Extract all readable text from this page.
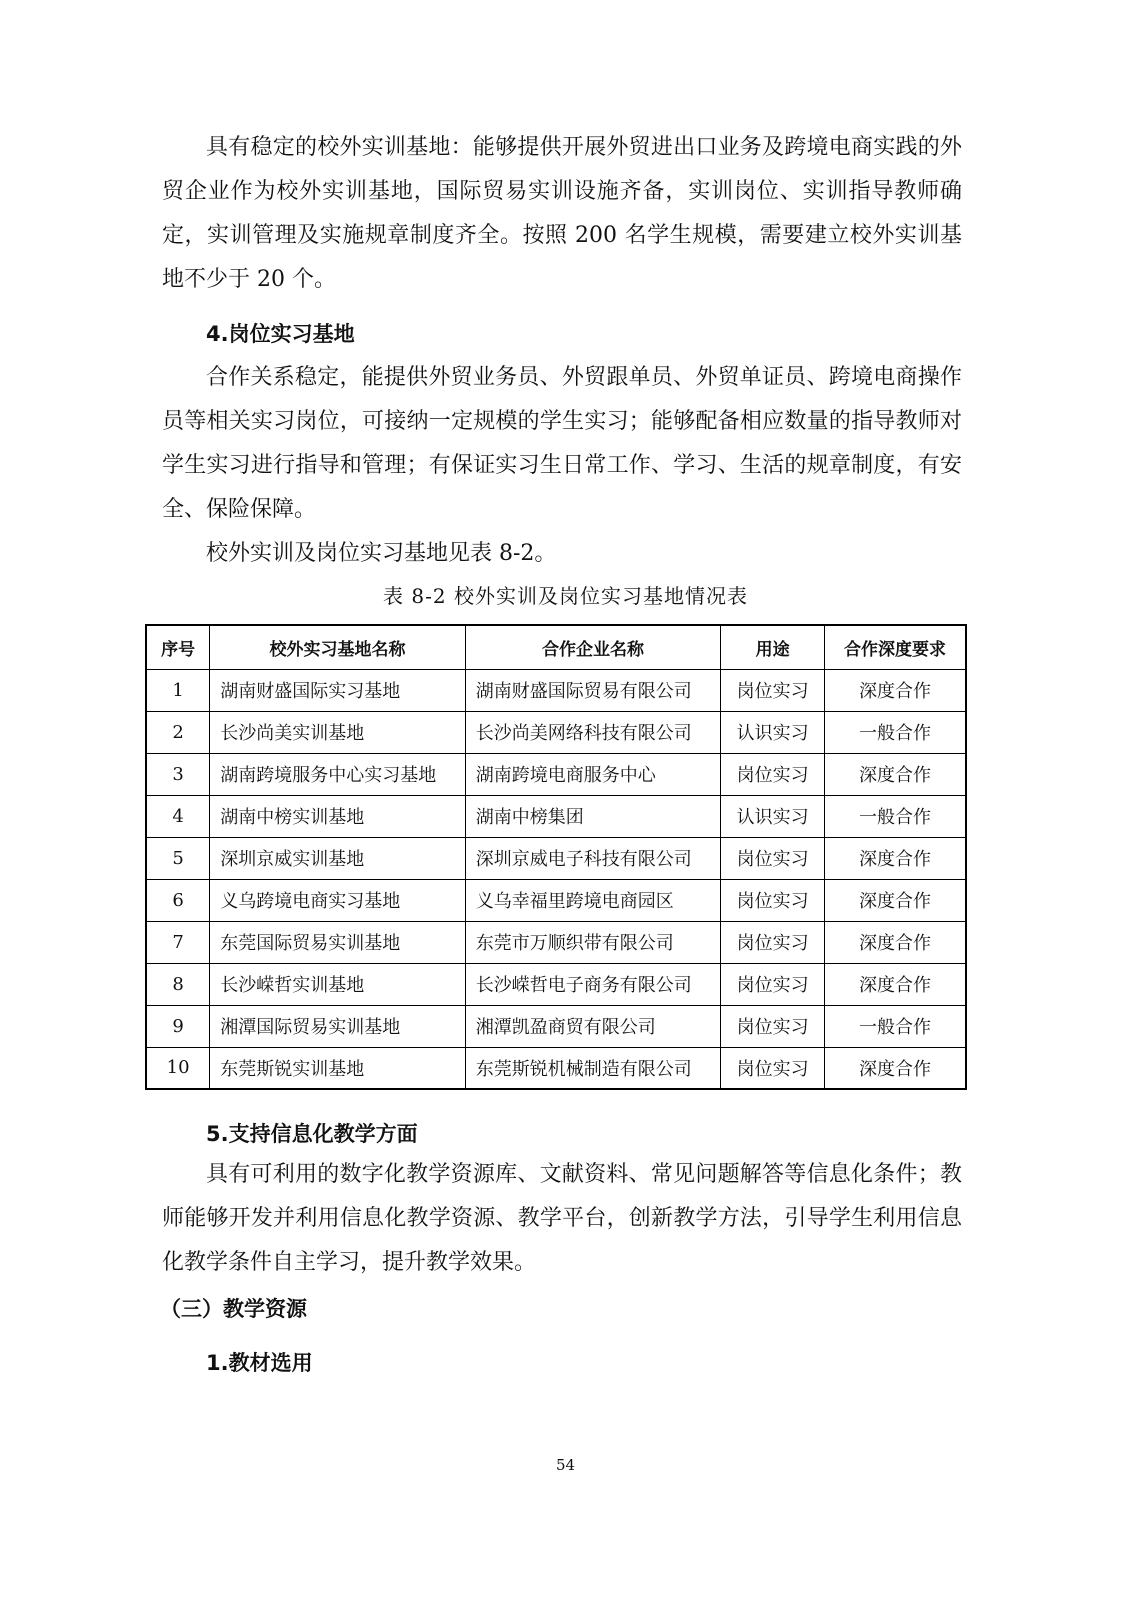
具有稳定的校外实训基地：能够提供开展外贸进出口业务及跨境电商实践的外贸企业作为校外实训基地，国际贸易实训设施齐备，实训岗位、实训指导教师确定，实训管理及实施规章制度齐全。按照 200 名学生规模，需要建立校外实训基地不少于 20 个。

4.岗位实习基地

合作关系稳定，能提供外贸业务员、外贸跟单员、外贸单证员、跨境电商操作员等相关实习岗位，可接纳一定规模的学生实习；能够配备相应数量的指导教师对学生实习进行指导和管理；有保证实习生日常工作、学习、生活的规章制度，有安全、保险保障。

校外实训及岗位实习基地见表 8-2。

表 8-2 校外实训及岗位实习基地情况表
序号	校外实习基地名称	合作企业名称	用途	合作深度要求
1	湖南财盛国际实习基地	湖南财盛国际贸易有限公司	岗位实习	深度合作
2	长沙尚美实训基地	长沙尚美网络科技有限公司	认识实习	一般合作
3	湖南跨境服务中心实习基地	湖南跨境电商服务中心	岗位实习	深度合作
4	湖南中榜实训基地	湖南中榜集团	认识实习	一般合作
5	深圳京威实训基地	深圳京威电子科技有限公司	岗位实习	深度合作
6	义乌跨境电商实习基地	义乌幸福里跨境电商园区	岗位实习	深度合作
7	东莞国际贸易实训基地	东莞市万顺织带有限公司	岗位实习	深度合作
8	长沙嵘哲实训基地	长沙嵘哲电子商务有限公司	岗位实习	深度合作
9	湘潭国际贸易实训基地	湘潭凯盈商贸有限公司	岗位实习	一般合作
10	东莞斯锐实训基地	东莞斯锐机械制造有限公司	岗位实习	深度合作
5.支持信息化教学方面

具有可利用的数字化教学资源库、文献资料、常见问题解答等信息化条件；教师能够开发并利用信息化教学资源、教学平台，创新教学方法，引导学生利用信息化教学条件自主学习，提升教学效果。

（三）教学资源
1.教材选用
54
